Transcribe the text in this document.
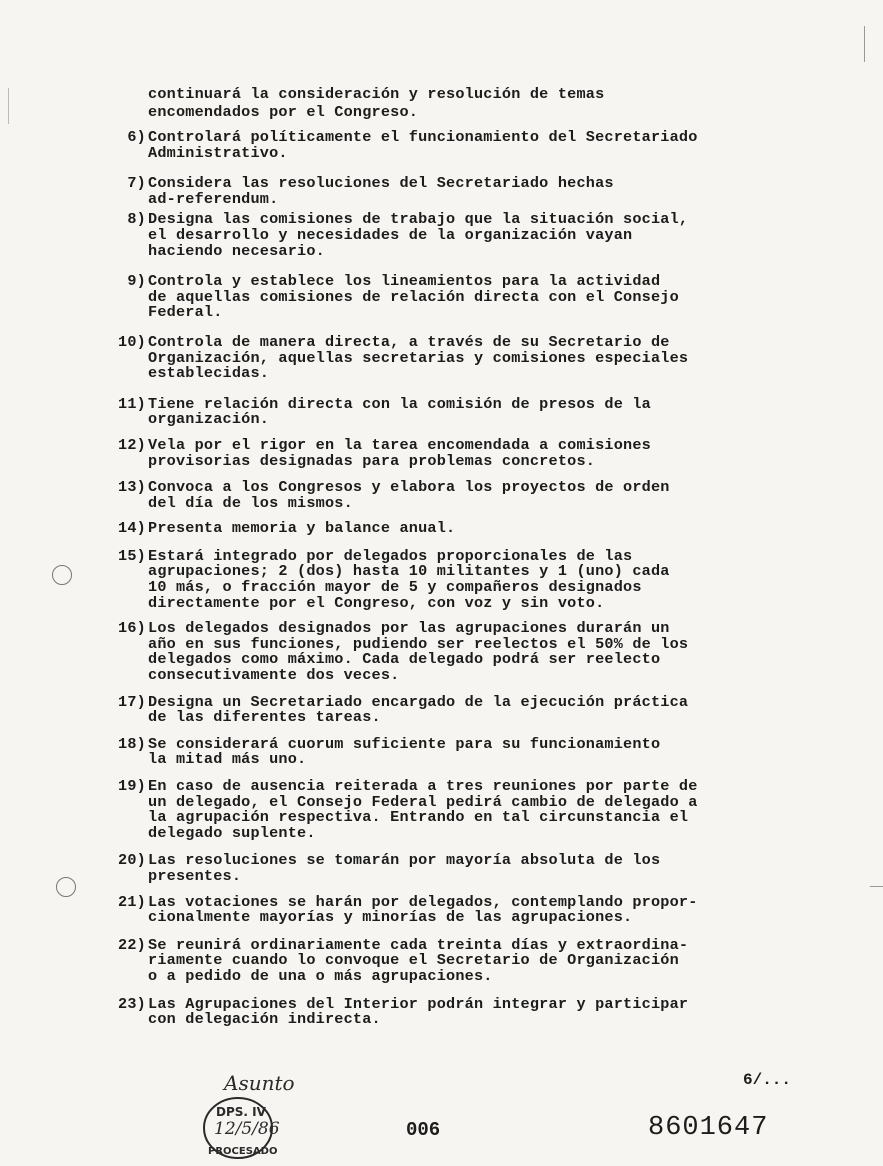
continuará la consideración y resolución de temas
encomendados por el Congreso.
6) Controlará políticamente el funcionamiento del Secretariado
Administrativo.
7) Considera las resoluciones del Secretariado hechas
ad-referendum.
8) Designa las comisiones de trabajo que la situación social,
el desarrollo y necesidades de la organización vayan
haciendo necesario.
9) Controla y establece los lineamientos para la actividad
de aquellas comisiones de relación directa con el Consejo
Federal.
10) Controla de manera directa, a través de su Secretario de
Organización, aquellas secretarias y comisiones especiales
establecidas.
11) Tiene relación directa con la comisión de presos de la
organización.
12) Vela por el rigor en la tarea encomendada a comisiones
provisorias designadas para problemas concretos.
13) Convoca a los Congresos y elabora los proyectos de orden
del día de los mismos.
14) Presenta memoria y balance anual.
15) Estará integrado por delegados proporcionales de las
agrupaciones; 2 (dos) hasta 10 militantes y 1 (uno) cada
10 más, o fracción mayor de 5 y compañeros designados
directamente por el Congreso, con voz y sin voto.
16) Los delegados designados por las agrupaciones durarán un
año en sus funciones, pudiendo ser reelectos el 50% de los
delegados como máximo. Cada delegado podrá ser reelecto
consecutivamente dos veces.
17) Designa un Secretariado encargado de la ejecución práctica
de las diferentes tareas.
18) Se considerará cuorum suficiente para su funcionamiento
la mitad más uno.
19) En caso de ausencia reiterada a tres reuniones por parte de
un delegado, el Consejo Federal pedirá cambio de delegado a
la agrupación respectiva. Entrando en tal circunstancia el
delegado suplente.
20) Las resoluciones se tomarán por mayoría absoluta de los
presentes.
21) Las votaciones se harán por delegados, contemplando propor-
cionalmente mayorías y minorías de las agrupaciones.
22) Se reunirá ordinariamente cada treinta días y extraordina-
riamente cuando lo convoque el Secretario de Organización
o a pedido de una o más agrupaciones.
23) Las Agrupaciones del Interior podrán integrar y participar
con delegación indirecta.
6/...
006	8601647
Asunto
DPS. IV
12/5/86
PROCESADO
